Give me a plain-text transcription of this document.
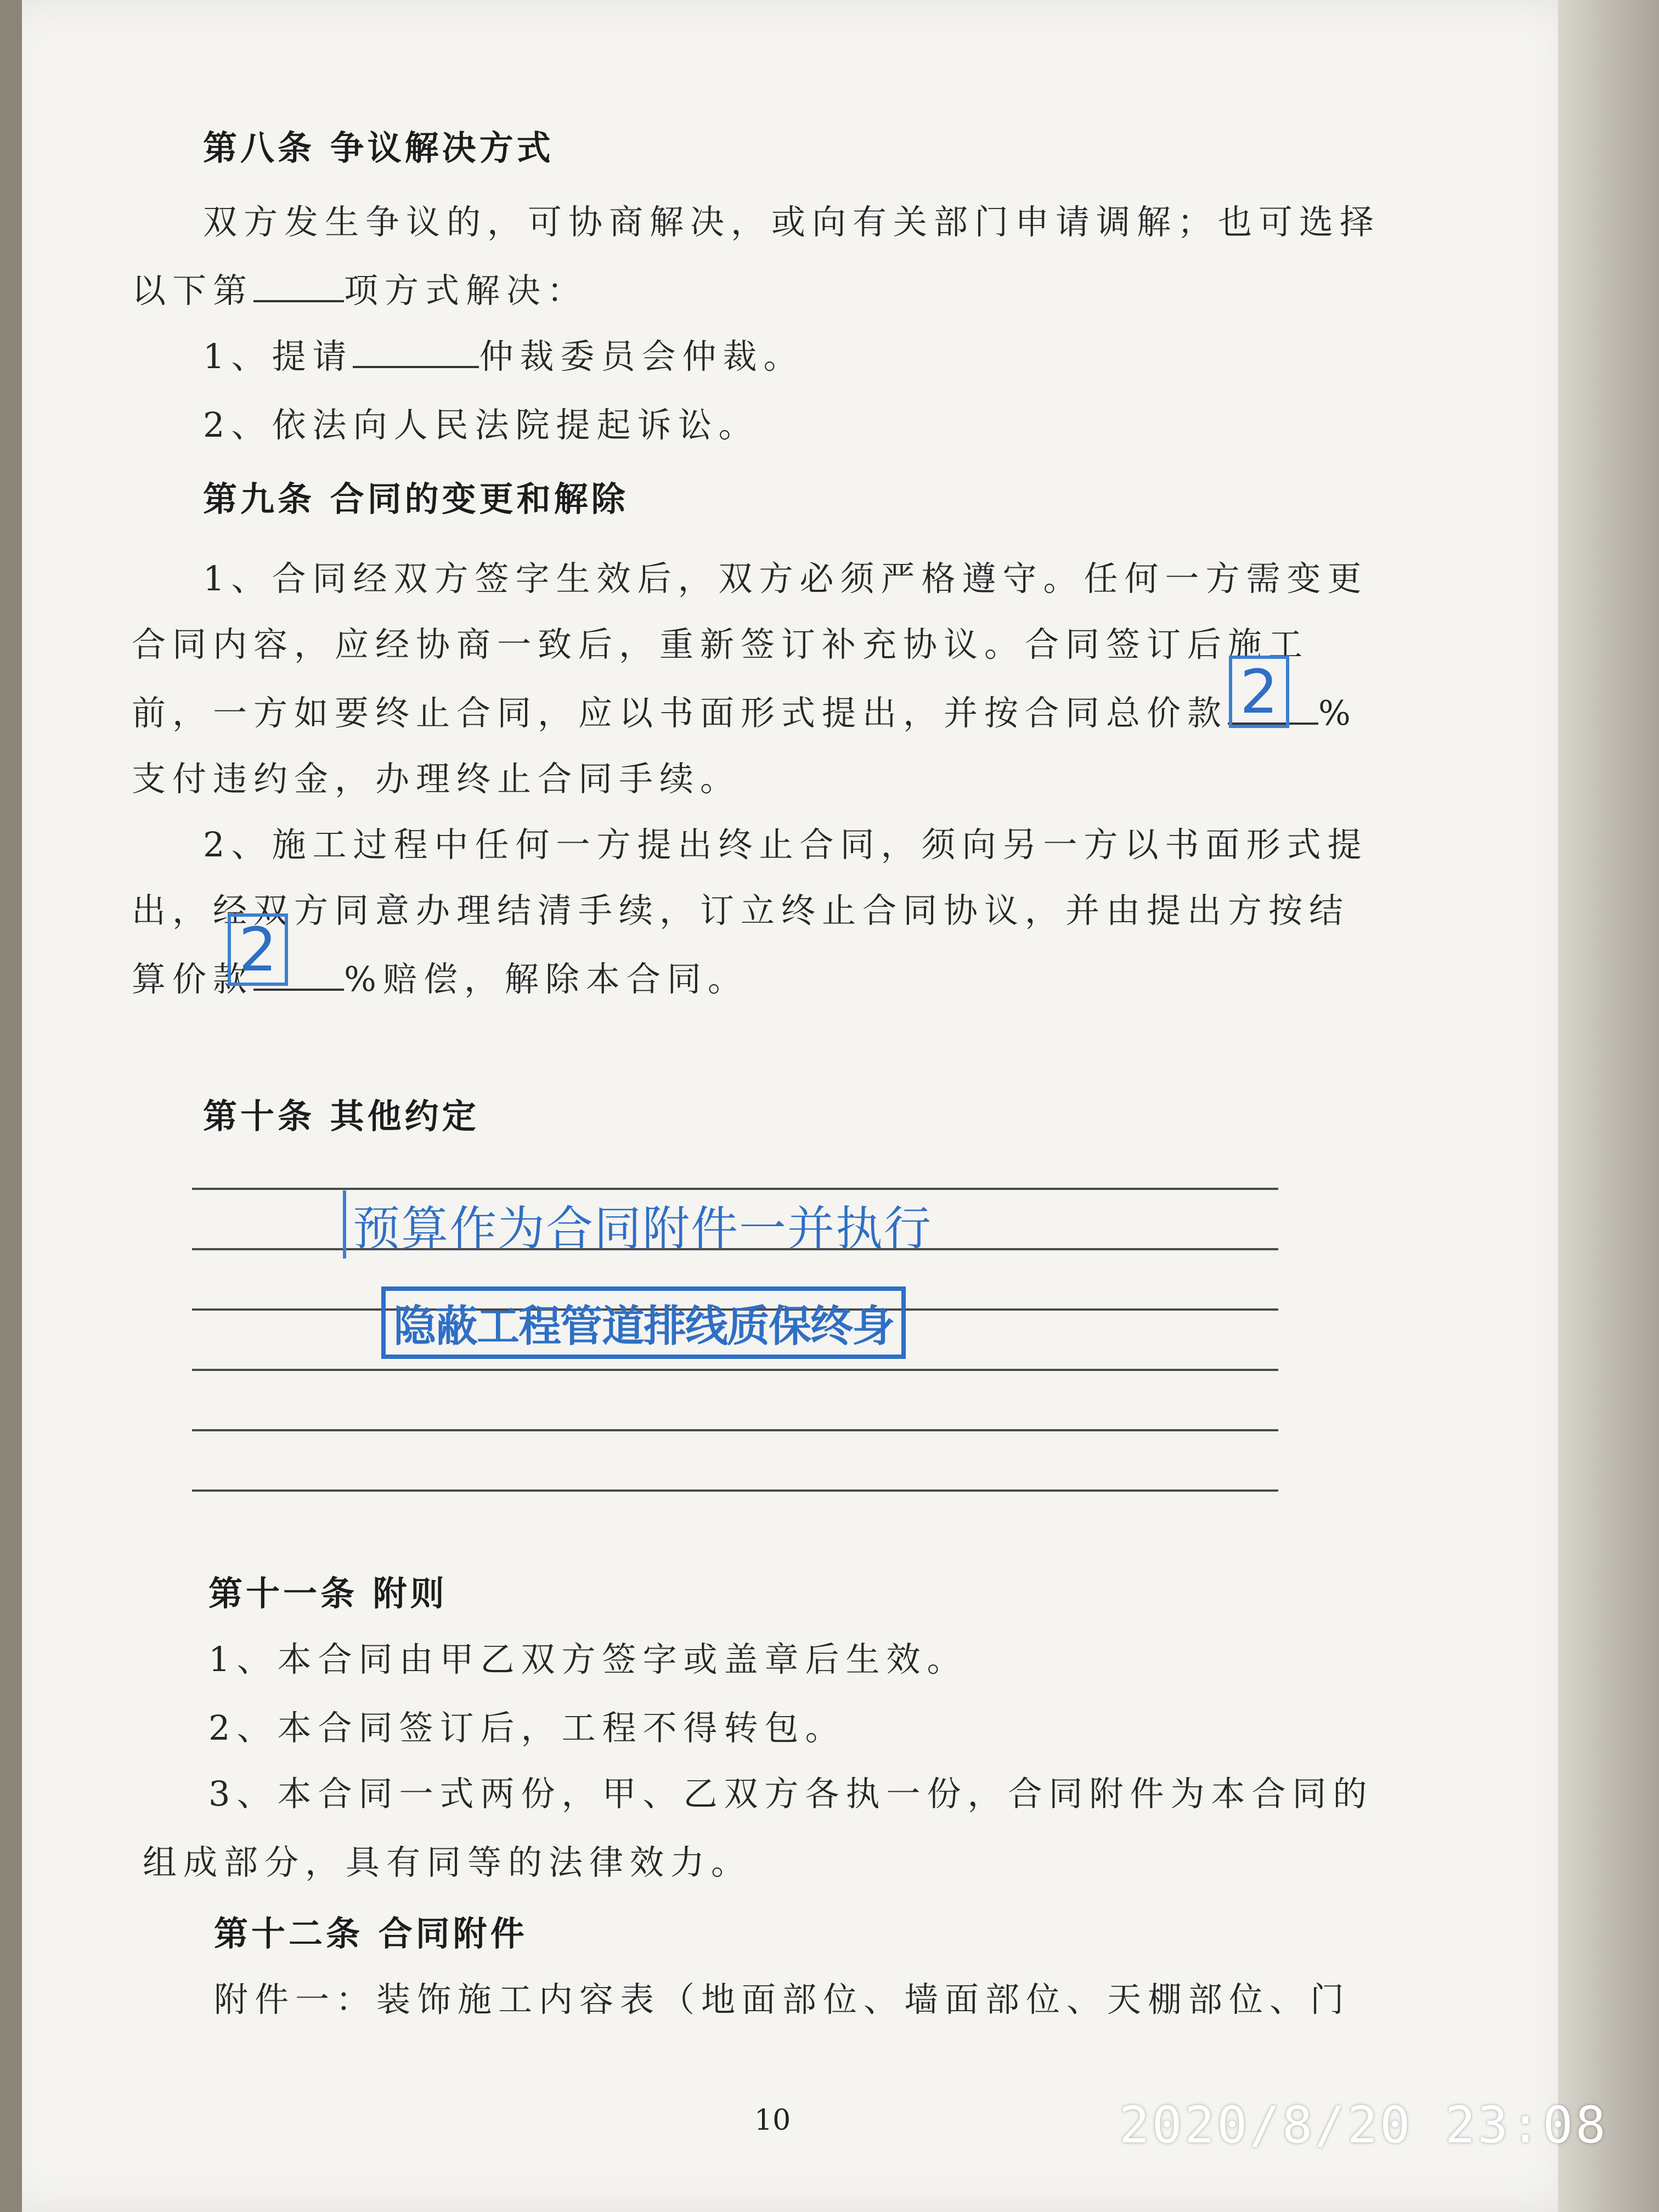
第八条 争议解决方式
双方发生争议的，可协商解决，或向有关部门申请调解；也可选择
以下第	项方式解决：
1、提请	仲裁委员会仲裁。
2、依法向人民法院提起诉讼。
第九条 合同的变更和解除
1、合同经双方签字生效后，双方必须严格遵守。任何一方需变更
合同内容，应经协商一致后，重新签订补充协议。合同签订后施工
前，一方如要终止合同，应以书面形式提出，并按合同总价款	%
支付违约金，办理终止合同手续。
2、施工过程中任何一方提出终止合同，须向另一方以书面形式提
出，经双方同意办理结清手续，订立终止合同协议，并由提出方按结
算价款	%赔偿，解除本合同。
第十条 其他约定
第十一条 附则
1、本合同由甲乙双方签字或盖章后生效。
2、本合同签订后，工程不得转包。
3、本合同一式两份，甲、乙双方各执一份，合同附件为本合同的
组成部分，具有同等的法律效力。
第十二条 合同附件
附件一：装饰施工内容表（地面部位、墙面部位、天棚部位、门
2
2
预算作为合同附件一并执行
隐蔽工程管道排线质保终身
10	2020/8/20 23:08
